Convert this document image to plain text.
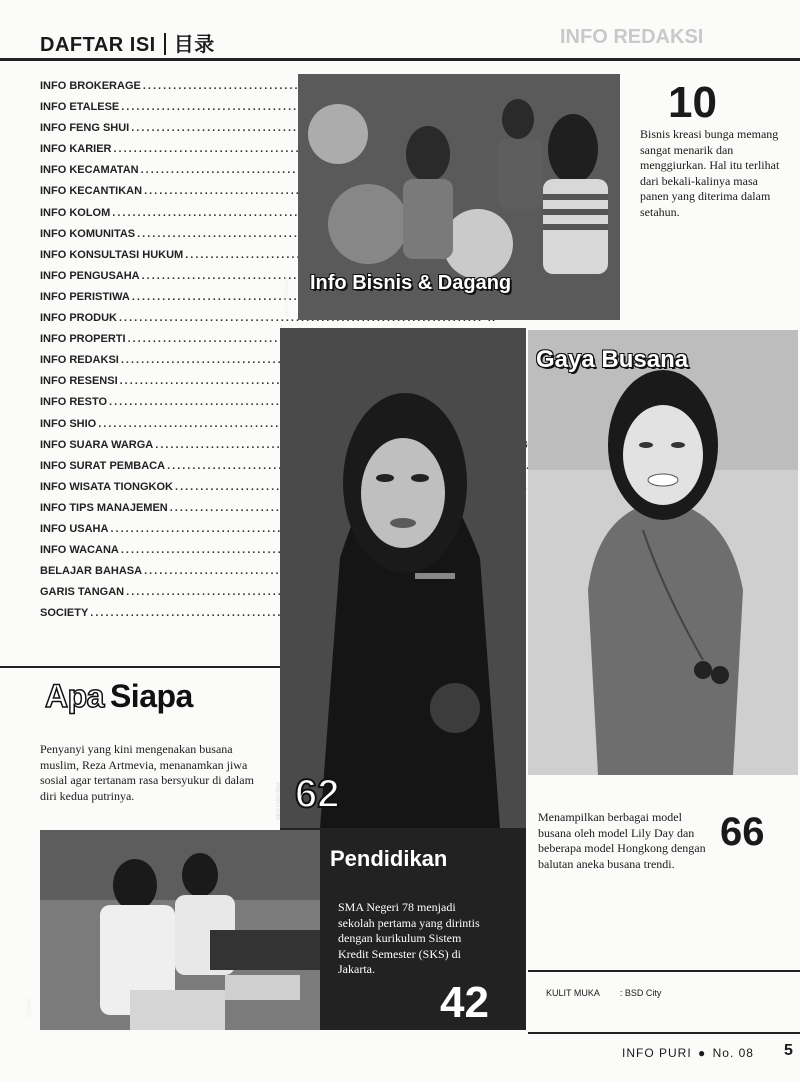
DAFTAR ISI 目录	INFO REDAKSI
INFO BROKERAGE
.....
INFO ETALESE
.....
INFO FENG SHUI
.....
INFO KARIER
.....
INFO KECAMATAN
.....
INFO KECANTIKAN
.....
INFO KOLOM
.....
INFO KOMUNITAS
.....
INFO KONSULTASI HUKUM
.....
INFO PENGUSAHA
.....
INFO PERISTIWA
.....
INFO PRODUK
.....
INFO PROPERTI
.....
INFO REDAKSI
.....
INFO RESENSI
.....
INFO RESTO
.....
INFO SHIO
.....
INFO SUARA WARGA
.....
INFO SURAT PEMBACA
.....
INFO WISATA TIONGKOK
.....
INFO TIPS MANAJEMEN
.....
INFO USAHA
.....
INFO WACANA
.....
BELAJAR BAHASA
.....
GARIS TANGAN
.....
SOCIETY
.....
Info Bisnis & Dagang
INFO PURI/RINO
10
Bisnis kreasi bunga memang sangat menarik dan menggiurkan. Hal itu terlihat dari bekali-kalinya masa panen yang diterima dalam setahun.
INFO PURI/JIMA 62
Gaya Busana
Menampilkan berbagai model busana oleh model Lily Day dan beberapa model Hongkong dengan balutan aneka busana trendi.
66
Apa Siapa
Penyanyi yang kini mengenakan busana muslim, Reza Artmevia, menanamkan jiwa sosial agar tertanam rasa bersyukur di dalam diri kedua putrinya.
ICHWAN
Pendidikan
SMA Negeri 78 menjadi sekolah pertama yang dirintis dengan kurikulum Sistem Kredit Semester (SKS) di Jakarta.
42	KULIT MUKA : BSD City
INFO PURI ● No. 08 5
